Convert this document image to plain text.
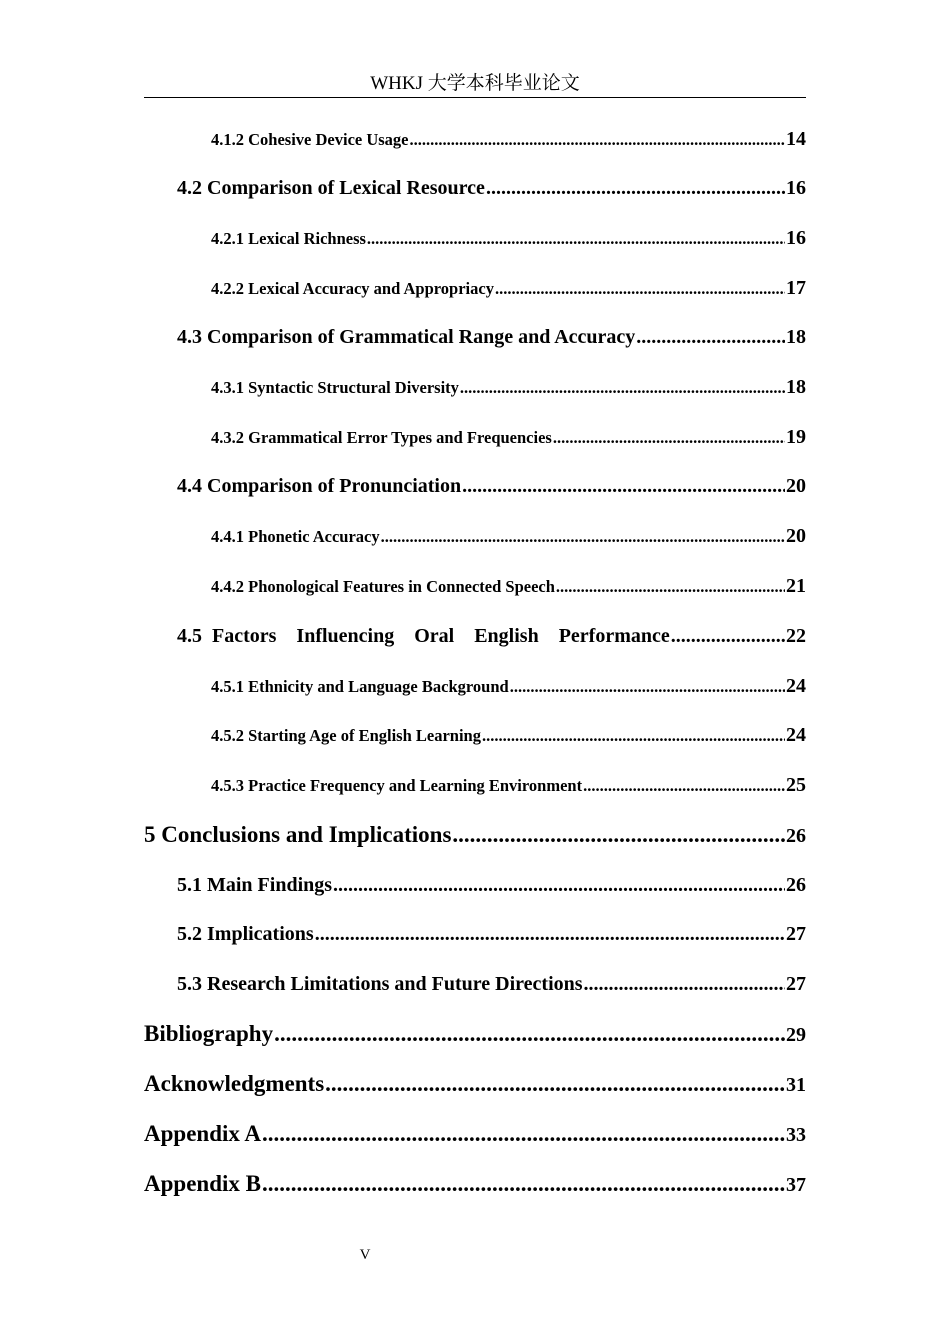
WHKJ 大学本科毕业论文
4.1.2 Cohesive Device Usage .....	14
4.2 Comparison of Lexical Resource .....	16
4.2.1 Lexical Richness .....	16
4.2.2 Lexical Accuracy and Appropriacy .....	17
4.3 Comparison of Grammatical Range and Accuracy .....	18
4.3.1 Syntactic Structural Diversity .....	18
4.3.2 Grammatical Error Types and Frequencies .....	19
4.4 Comparison of Pronunciation .....	20
4.4.1 Phonetic Accuracy .....	20
4.4.2 Phonological Features in Connected Speech .....	21
4.5  Factors    Influencing    Oral    English    Performance .....	22
4.5.1 Ethnicity and Language Background .....	24
4.5.2 Starting Age of English Learning .....	24
4.5.3 Practice Frequency and Learning Environment .....	25
5 Conclusions and Implications .....	26
5.1 Main Findings .....	26
5.2 Implications .....	27
5.3 Research Limitations and Future Directions .....	27
Bibliography .....	29
Acknowledgments .....	31
Appendix A .....	33
Appendix B .....	37
V
